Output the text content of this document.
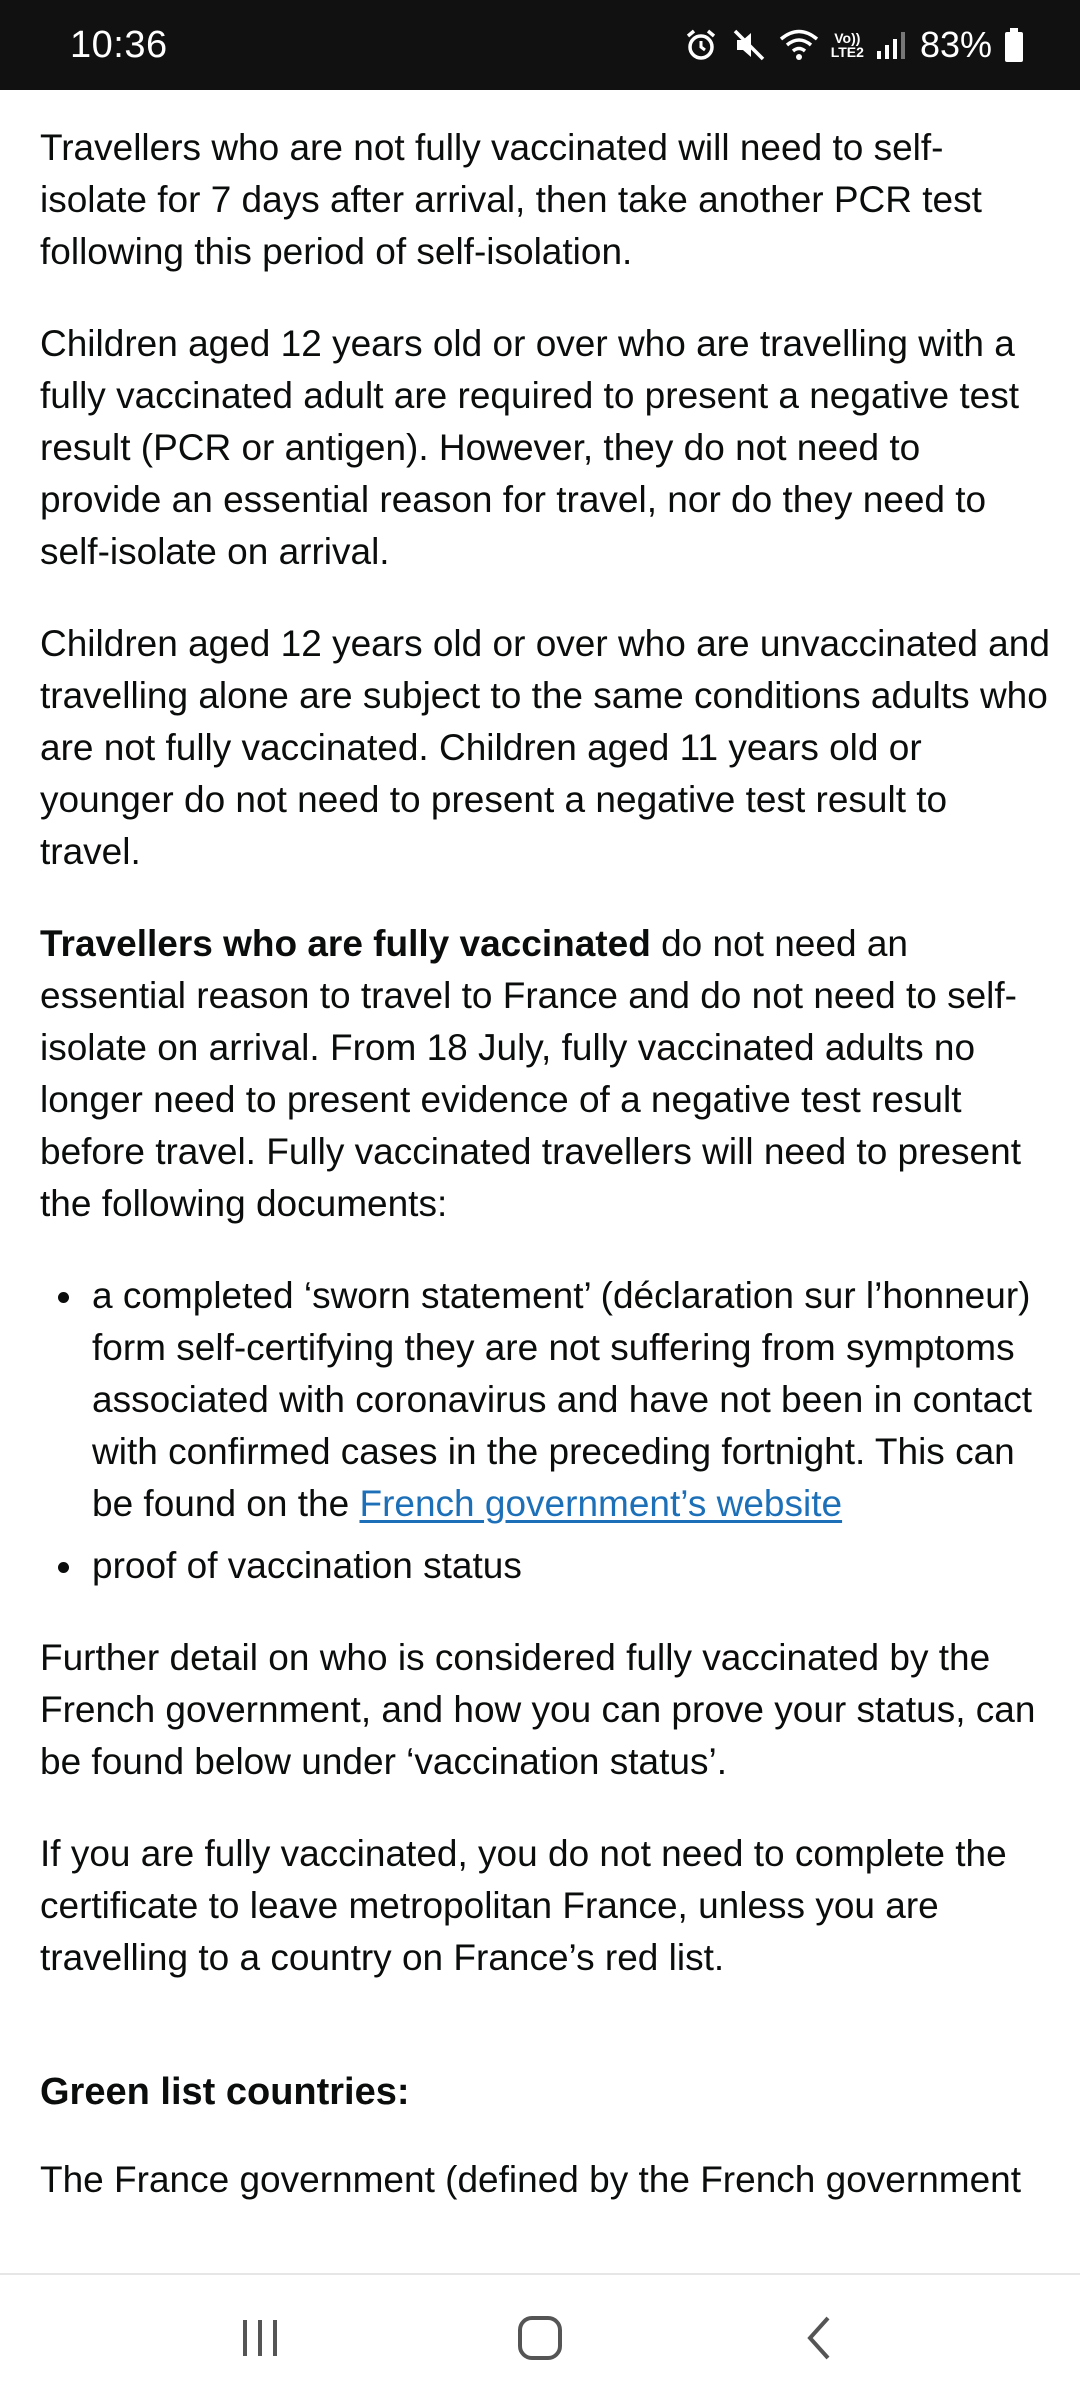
10:36	Vo))
LTE2 83%

Travellers who are not fully vaccinated will need to self-isolate for 7 days after arrival, then take another PCR test following this period of self-isolation.

Children aged 12 years old or over who are travelling with a fully vaccinated adult are required to present a negative test result (PCR or antigen). However, they do not need to provide an essential reason for travel, nor do they need to self-isolate on arrival.

Children aged 12 years old or over who are unvaccinated and travelling alone are subject to the same conditions adults who are not fully vaccinated. Children aged 11 years old or younger do not need to present a negative test result to travel.

Travellers who are fully vaccinated do not need an essential reason to travel to France and do not need to self-isolate on arrival. From 18 July, fully vaccinated adults no longer need to present evidence of a negative test result before travel. Fully vaccinated travellers will need to present the following documents:

a completed ‘sworn statement’ (déclaration sur l’honneur) form self-certifying they are not suffering from symptoms associated with coronavirus and have not been in contact with confirmed cases in the preceding fortnight. This can be found on the French government’s website
proof of vaccination status

Further detail on who is considered fully vaccinated by the French government, and how you can prove your status, can be found below under ‘vaccination status’.

If you are fully vaccinated, you do not need to complete the certificate to leave metropolitan France, unless you are travelling to a country on France’s red list.

Green list countries:
The France government (defined by the French government
